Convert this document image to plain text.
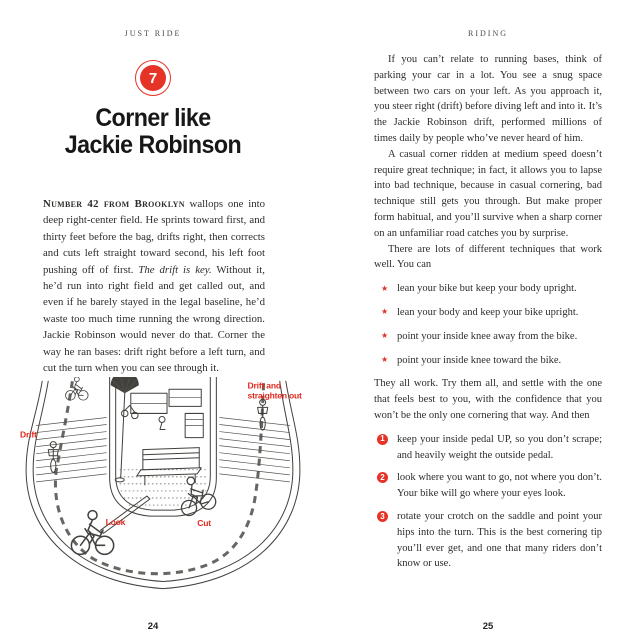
JUST RIDE	RIDING
7
Corner like
Jackie Robinson

Number 42 from Brooklyn wallops one into deep right-center field. He sprints toward first, and thirty feet before the bag, drifts right, then corrects and cuts left straight toward second, his left foot pushing off of first. The drift is key. Without it, he’d run into right field and get called out, and even if he barely stayed in the legal baseline, he’d waste too much time running the wrong direction. Jackie Robinson would never do that. Corner the way he ran bases: drift right before a left turn, and cut the turn when you can see through it.

Drift
Drift and
straighten out
Look	Cut

If you can’t relate to running bases, think of parking your car in a lot. You see a snug space between two cars on your left. As you approach it, you steer right (drift) before diving left and into it. It’s the Jackie Robinson drift, performed millions of times daily by people who’ve never heard of him.

A casual corner ridden at medium speed doesn’t require great technique; in fact, it allows you to lapse into bad technique, because in casual cornering, bad technique still gets you through. But make proper form habitual, and you’ll survive when a sharp corner on an unfamiliar road catches you by surprise.

There are lots of different techniques that work well. You can

★ lean your bike but keep your body upright.
★ lean your body and keep your bike upright.
★ point your inside knee away from the bike.
★ point your inside knee toward the bike.

They all work. Try them all, and settle with the one that feels best to you, with the confidence that you won’t be the only one cornering that way. And then

1	keep your inside pedal UP, so you don’t scrape; and heavily weight the outside pedal.
2	look where you want to go, not where you don’t. Your bike will go where your eyes look.
3	rotate your crotch on the saddle and point your hips into the turn. This is the best cornering tip you’ll ever get, and one that many riders don’t know or use.
24	25
